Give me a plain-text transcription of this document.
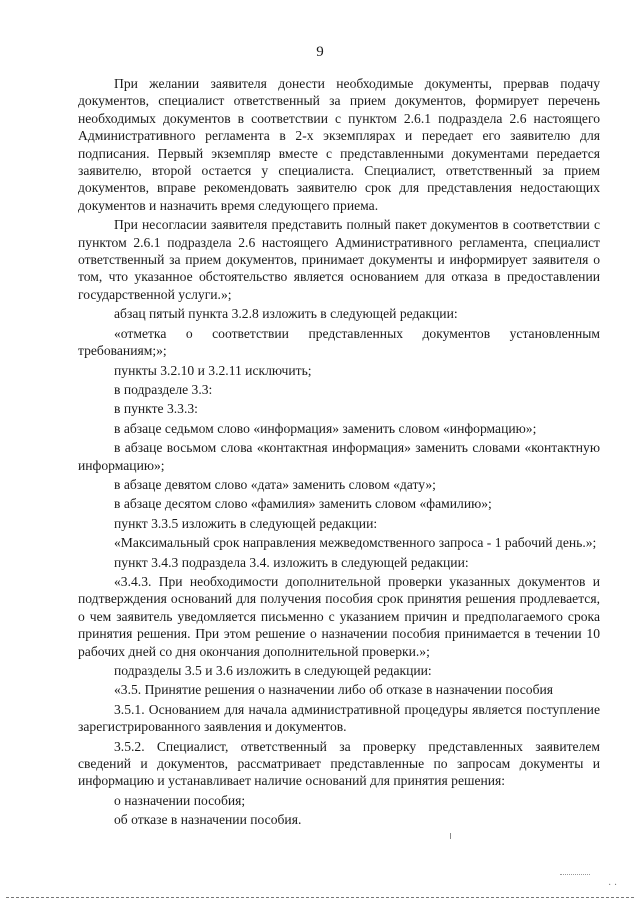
9

При желании заявителя донести необходимые документы, прервав подачу документов, специалист ответственный за прием документов, формирует перечень необходимых документов в соответствии с пунктом 2.6.1 подраздела 2.6 настоящего Административного регламента в 2-х экземплярах и передает его заявителю для подписания. Первый экземпляр вместе с представленными документами передается заявителю, второй остается у специалиста. Специалист, ответственный за прием документов, вправе рекомендовать заявителю срок для представления недостающих документов и назначить время следующего приема.

При несогласии заявителя представить полный пакет документов в соответствии с пунктом 2.6.1 подраздела 2.6 настоящего Административного регламента, специалист ответственный за прием документов, принимает документы и информирует заявителя о том, что указанное обстоятельство является основанием для отказа в предоставлении государственной услуги.»;

абзац пятый пункта 3.2.8 изложить в следующей редакции:

«отметка о соответствии представленных документов установленным требованиям;»;

пункты 3.2.10 и 3.2.11 исключить;

в подразделе 3.3:

в пункте 3.3.3:

в абзаце седьмом слово «информация» заменить словом «информацию»;

в абзаце восьмом слова «контактная информация» заменить словами «контактную информацию»;

в абзаце девятом слово «дата» заменить словом «дату»;

в абзаце десятом слово «фамилия» заменить словом «фамилию»;

пункт 3.3.5 изложить в следующей редакции:

«Максимальный срок направления межведомственного запроса - 1 рабочий день.»;

пункт 3.4.3 подраздела 3.4. изложить в следующей редакции:

«3.4.3. При необходимости дополнительной проверки указанных документов и подтверждения оснований для получения пособия срок принятия решения продлевается, о чем заявитель уведомляется письменно с указанием причин и предполагаемого срока принятия решения. При этом решение о назначении пособия принимается в течении 10 рабочих дней со дня окончания дополнительной проверки.»;

подразделы 3.5 и 3.6 изложить в следующей редакции:

«3.5. Принятие решения о назначении либо об отказе в назначении пособия

3.5.1. Основанием для начала административной процедуры является поступление зарегистрированного заявления и документов.

3.5.2. Специалист, ответственный за проверку представленных заявителем сведений и документов, рассматривает представленные по запросам документы и информацию и устанавливает наличие оснований для принятия решения:

о назначении пособия;

об отказе в назначении пособия.

· ·
